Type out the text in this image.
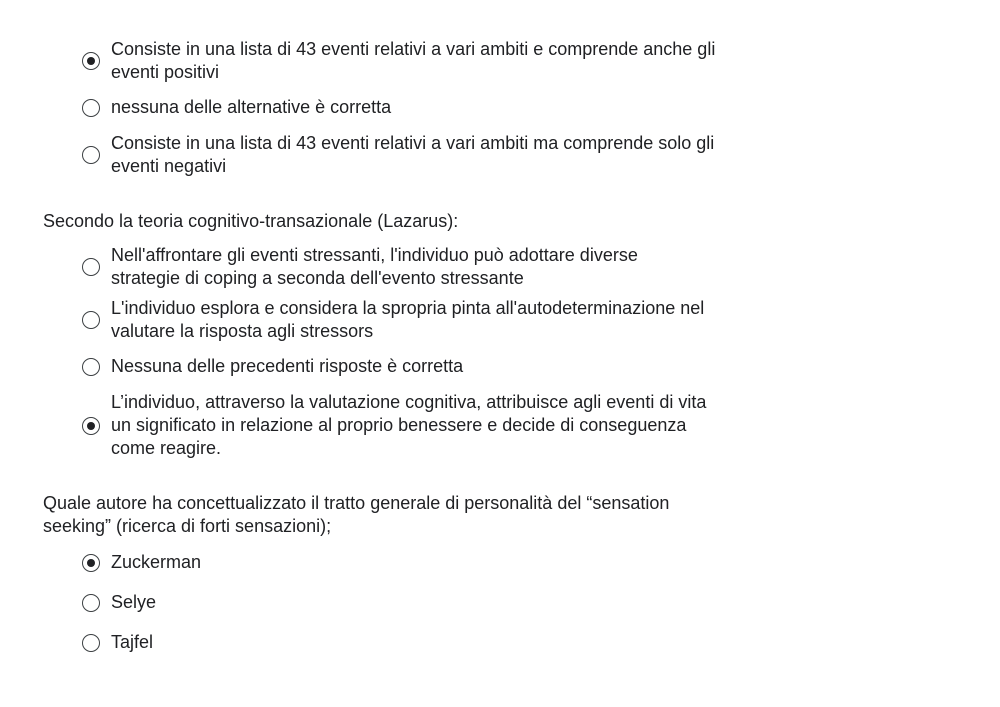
Consiste in una lista di 43 eventi relativi a vari ambiti e comprende anche gli eventi positivi
nessuna delle alternative è corretta
Consiste in una lista di 43 eventi relativi a vari ambiti ma comprende solo gli eventi negativi

Secondo la teoria cognitivo-transazionale (Lazarus):

Nell'affrontare gli eventi stressanti, l'individuo può adottare diverse strategie di coping a seconda dell'evento stressante
L'individuo esplora e considera la spropria pinta all'autodeterminazione nel valutare la risposta agli stressors
Nessuna delle precedenti risposte è corretta
L’individuo, attraverso la valutazione cognitiva, attribuisce agli eventi di vita un significato in relazione al proprio benessere e decide di conseguenza come reagire.

Quale autore ha concettualizzato il tratto generale di personalità del “sensation seeking” (ricerca di forti sensazioni);

Zuckerman
Selye
Tajfel
